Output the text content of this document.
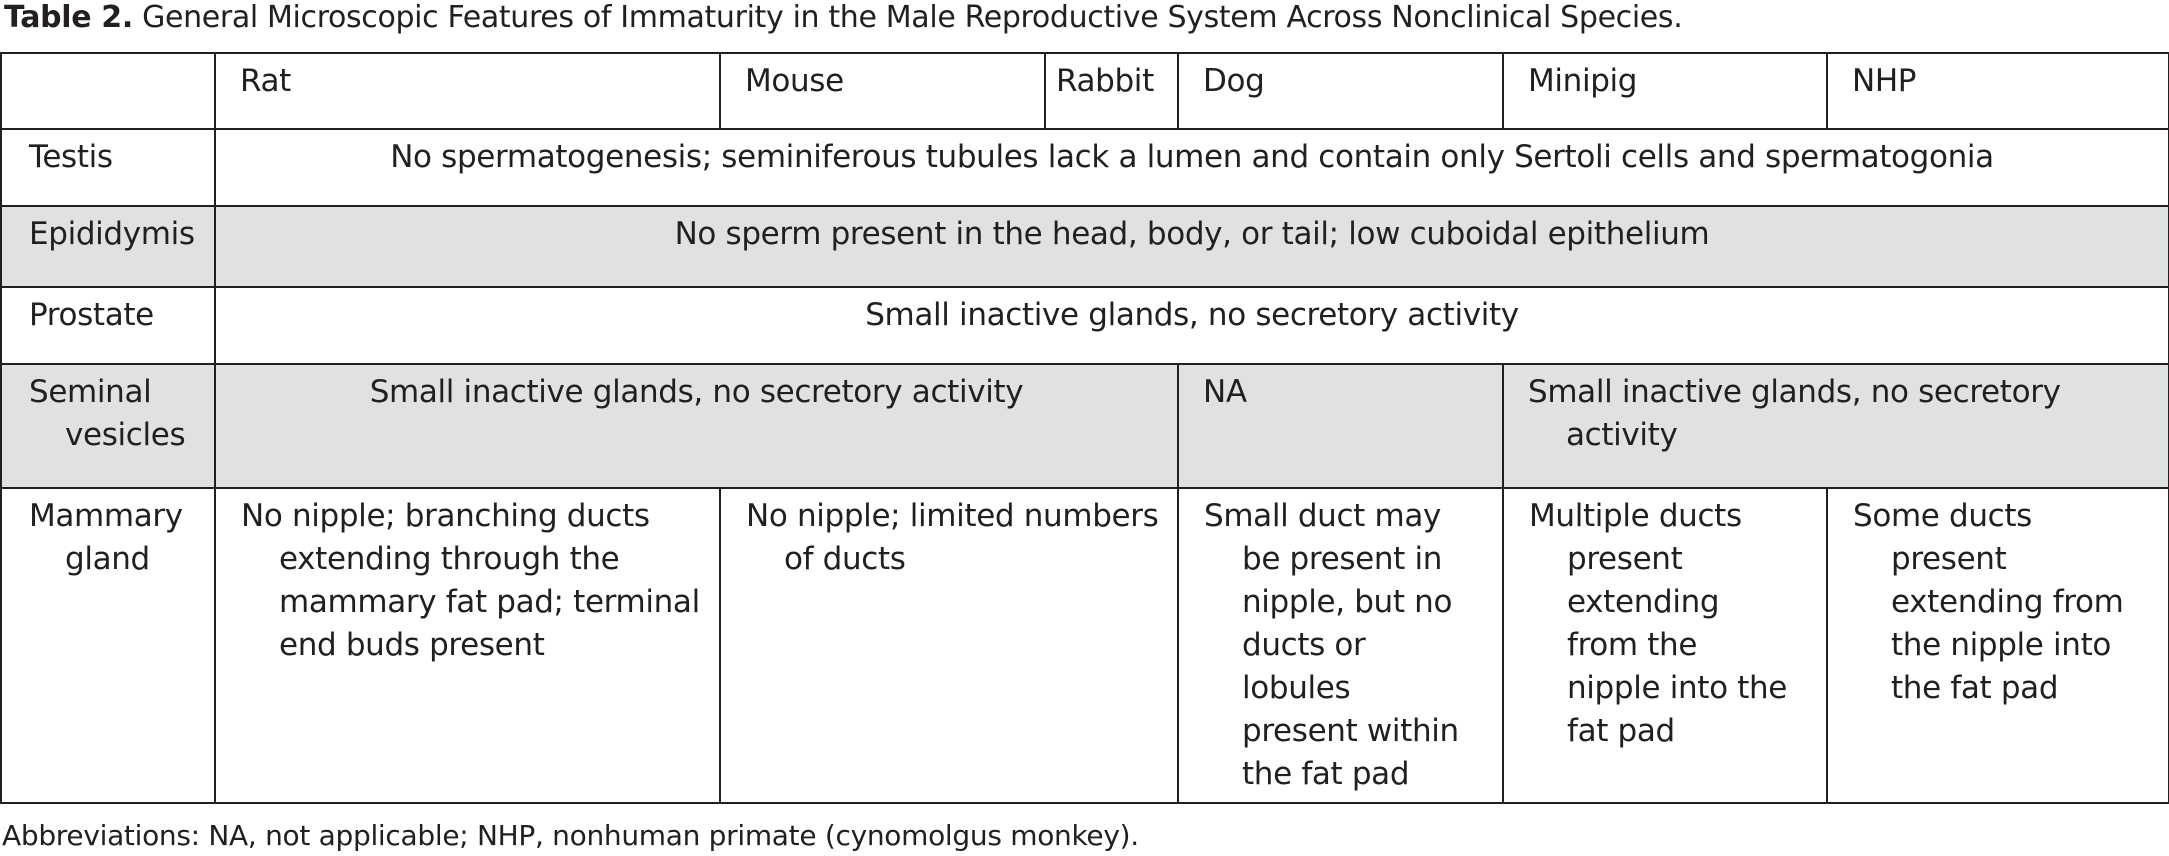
Table 2. General Microscopic Features of Immaturity in the Male Reproductive System Across Nonclinical Species.
	Rat	Mouse	Rabbit	Dog	Minipig	NHP
Testis	No spermatogenesis; seminiferous tubules lack a lumen and contain only Sertoli cells and spermatogonia					
Epididymis	No sperm present in the head, body, or tail; low cuboidal epithelium					
Prostate	Small inactive glands, no secretory activity					

Seminal vesicles	Small inactive glands, no secretory activity			NA	Small inactive glands, no secretory activity	

Mammary gland	No nipple; branching ducts extending through the mammary fat pad; terminal end buds present	No nipple; limited numbers of ducts		Small duct may be present in nipple, but no ducts or lobules present within the fat pad	Multiple ducts present extending from the nipple into the fat pad	Some ducts present extending from the nipple into the fat pad
Abbreviations: NA, not applicable; NHP, nonhuman primate (cynomolgus monkey).
